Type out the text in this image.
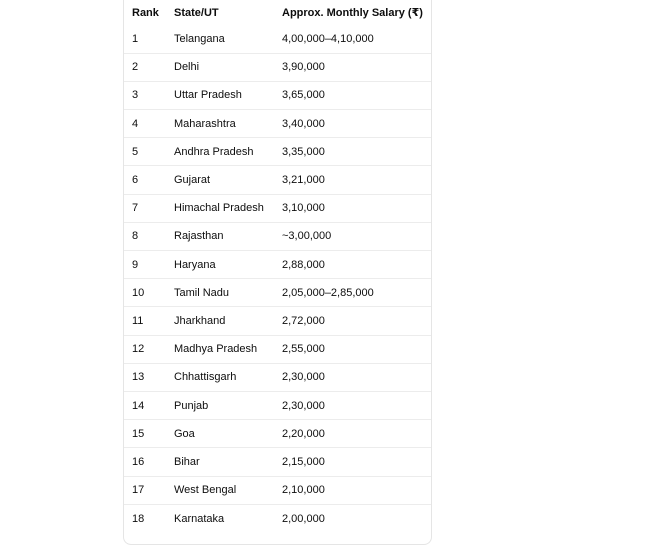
Rank	State/UT	Approx. Monthly Salary (₹)
1	Telangana	4,00,000–4,10,000
2	Delhi	3,90,000
3	Uttar Pradesh	3,65,000
4	Maharashtra	3,40,000
5	Andhra Pradesh	3,35,000
6	Gujarat	3,21,000
7	Himachal Pradesh	3,10,000
8	Rajasthan	~3,00,000
9	Haryana	2,88,000
10	Tamil Nadu	2,05,000–2,85,000
11	Jharkhand	2,72,000
12	Madhya Pradesh	2,55,000
13	Chhattisgarh	2,30,000
14	Punjab	2,30,000
15	Goa	2,20,000
16	Bihar	2,15,000
17	West Bengal	2,10,000
18	Karnataka	2,00,000
